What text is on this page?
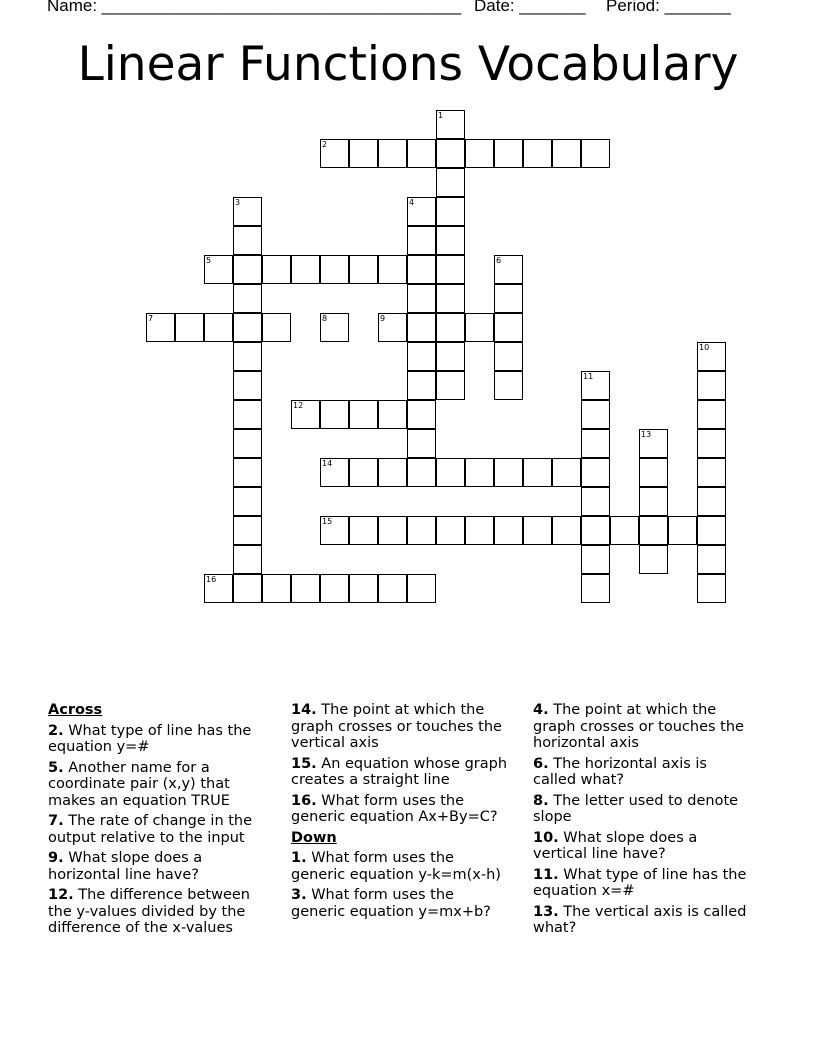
Name: ______________________________________

Date: _______

Period: _______

Linear Functions Vocabulary
1
2
3	4
5	6
7	8	9
10
11
12
13
14
15
16
Across
2. What type of line has the equation y=#
5. Another name for a coordinate pair (x,y) that makes an equation TRUE
7. The rate of change in the output relative to the input
9. What slope does a horizontal line have?
12. The difference between the y-values divided by the difference of the x-values
14. The point at which the graph crosses or touches the vertical axis
15. An equation whose graph creates a straight line
16. What form uses the generic equation Ax+By=C?
Down
1. What form uses the generic equation y-k=m(x-h)
3. What form uses the generic equation y=mx+b?
4. The point at which the graph crosses or touches the horizontal axis
6. The horizontal axis is called what?
8. The letter used to denote slope
10. What slope does a vertical line have?
11. What type of line has the equation x=#
13. The vertical axis is called what?
